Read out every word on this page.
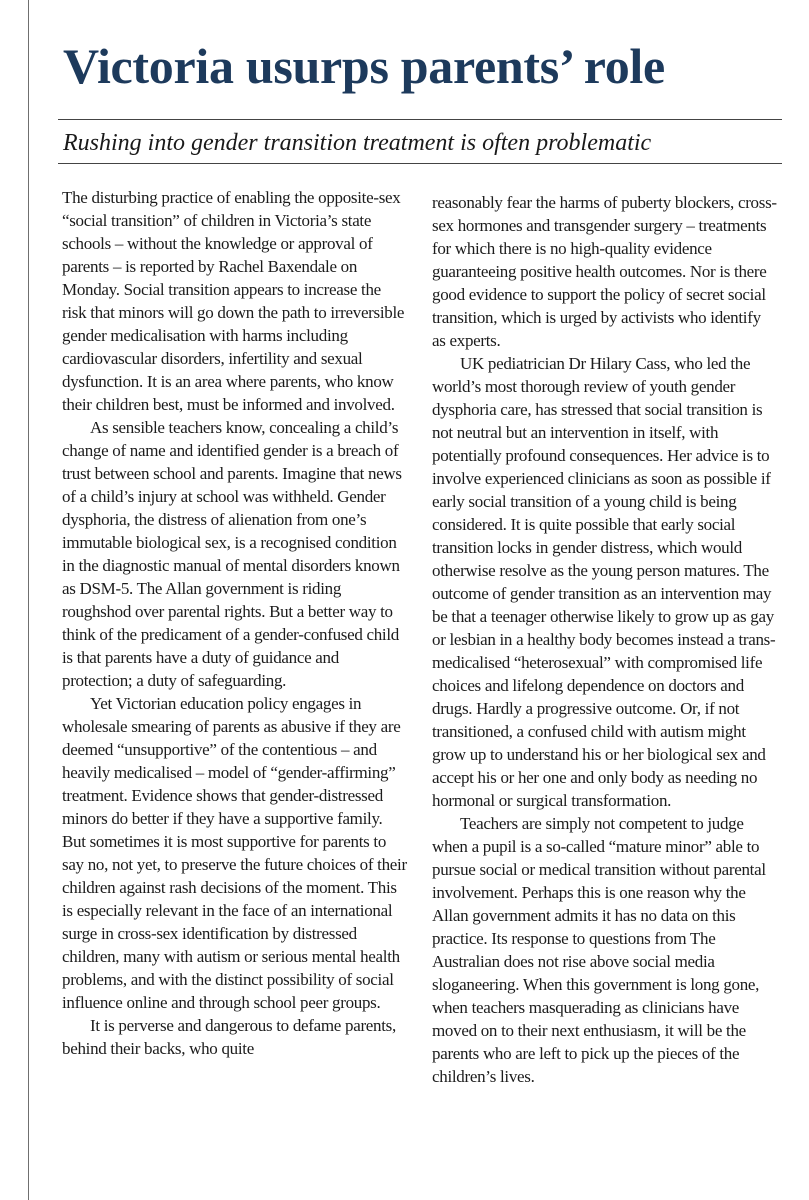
Victoria usurps parents’ role
Rushing into gender transition treatment is often problematic

The disturbing practice of enabling the opposite-sex “social transition” of children in Victoria’s state schools – without the knowledge or approval of parents – is reported by Rachel Baxendale on Monday. Social transition appears to increase the risk that minors will go down the path to irreversible gender medicalisation with harms including cardiovascular disorders, infertility and sexual dysfunction. It is an area where parents, who know their children best, must be informed and involved.

As sensible teachers know, concealing a child’s change of name and identified gender is a breach of trust between school and parents. Imagine that news of a child’s injury at school was withheld. Gender dysphoria, the distress of alienation from one’s immutable biological sex, is a recognised condition in the diagnostic manual of mental disorders known as DSM-5. The Allan government is riding roughshod over parental rights. But a better way to think of the predicament of a gender-confused child is that parents have a duty of guidance and protection; a duty of safeguarding.

Yet Victorian education policy engages in wholesale smearing of parents as abusive if they are deemed “unsupportive” of the contentious – and heavily medicalised – model of “gender-affirming” treatment. Evidence shows that gender-distressed minors do better if they have a supportive family. But sometimes it is most supportive for parents to say no, not yet, to preserve the future choices of their children against rash decisions of the moment. This is especially relevant in the face of an international surge in cross-sex identification by distressed children, many with autism or serious mental health problems, and with the distinct possibility of social influence online and through school peer groups.

It is perverse and dangerous to defame parents, behind their backs, who quite

reasonably fear the harms of puberty blockers, cross-sex hormones and transgender surgery – treatments for which there is no high-quality evidence guaranteeing positive health outcomes. Nor is there good evidence to support the policy of secret social transition, which is urged by activists who identify as experts.

UK pediatrician Dr Hilary Cass, who led the world’s most thorough review of youth gender dysphoria care, has stressed that social transition is not neutral but an intervention in itself, with potentially profound consequences. Her advice is to involve experienced clinicians as soon as possible if early social transition of a young child is being considered. It is quite possible that early social transition locks in gender distress, which would otherwise resolve as the young person matures. The outcome of gender transition as an intervention may be that a teenager otherwise likely to grow up as gay or lesbian in a healthy body becomes instead a trans-medicalised “heterosexual” with compromised life choices and lifelong dependence on doctors and drugs. Hardly a progressive outcome. Or, if not transitioned, a confused child with autism might grow up to understand his or her biological sex and accept his or her one and only body as needing no hormonal or surgical transformation.

Teachers are simply not competent to judge when a pupil is a so-called “mature minor” able to pursue social or medical transition without parental involvement. Perhaps this is one reason why the Allan government admits it has no data on this practice. Its response to questions from The Australian does not rise above social media sloganeering. When this government is long gone, when teachers masquerading as clinicians have moved on to their next enthusiasm, it will be the parents who are left to pick up the pieces of the children’s lives.
